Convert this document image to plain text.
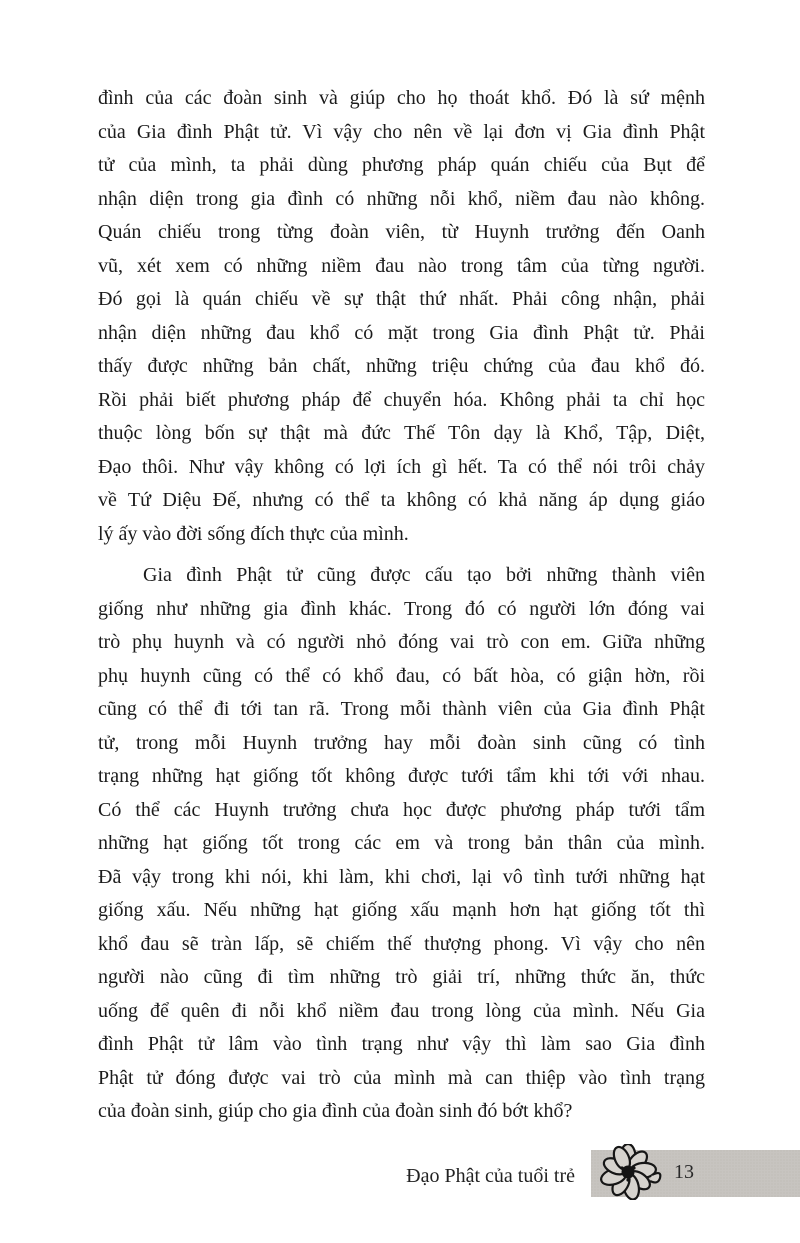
đình của các đoàn sinh và giúp cho họ thoát khổ. Đó là sứ mệnh
của Gia đình Phật tử. Vì vậy cho nên về lại đơn vị Gia đình Phật
tử của mình, ta phải dùng phương pháp quán chiếu của Bụt để
nhận diện trong gia đình có những nỗi khổ, niềm đau nào không.
Quán chiếu trong từng đoàn viên, từ Huynh trưởng đến Oanh
vũ, xét xem có những niềm đau nào trong tâm của từng người.
Đó gọi là quán chiếu về sự thật thứ nhất. Phải công nhận, phải
nhận diện những đau khổ có mặt trong Gia đình Phật tử. Phải
thấy được những bản chất, những triệu chứng của đau khổ đó.
Rồi phải biết phương pháp để chuyển hóa. Không phải ta chỉ học
thuộc lòng bốn sự thật mà đức Thế Tôn dạy là Khổ, Tập, Diệt,
Đạo thôi. Như vậy không có lợi ích gì hết. Ta có thể nói trôi chảy
về Tứ Diệu Đế, nhưng có thể ta không có khả năng áp dụng giáo
lý ấy vào đời sống đích thực của mình.
Gia đình Phật tử cũng được cấu tạo bởi những thành viên
giống như những gia đình khác. Trong đó có người lớn đóng vai
trò phụ huynh và có người nhỏ đóng vai trò con em. Giữa những
phụ huynh cũng có thể có khổ đau, có bất hòa, có giận hờn, rồi
cũng có thể đi tới tan rã. Trong mỗi thành viên của Gia đình Phật
tử, trong mỗi Huynh trưởng hay mỗi đoàn sinh cũng có tình
trạng những hạt giống tốt không được tưới tẩm khi tới với nhau.
Có thể các Huynh trưởng chưa học được phương pháp tưới tẩm
những hạt giống tốt trong các em và trong bản thân của mình.
Đã vậy trong khi nói, khi làm, khi chơi, lại vô tình tưới những hạt
giống xấu. Nếu những hạt giống xấu mạnh hơn hạt giống tốt thì
khổ đau sẽ tràn lấp, sẽ chiếm thế thượng phong. Vì vậy cho nên
người nào cũng đi tìm những trò giải trí, những thức ăn, thức
uống để quên đi nỗi khổ niềm đau trong lòng của mình. Nếu Gia
đình Phật tử lâm vào tình trạng như vậy thì làm sao Gia đình
Phật tử đóng được vai trò của mình mà can thiệp vào tình trạng
của đoàn sinh, giúp cho gia đình của đoàn sinh đó bớt khổ?
Đạo Phật của tuổi trẻ	13
